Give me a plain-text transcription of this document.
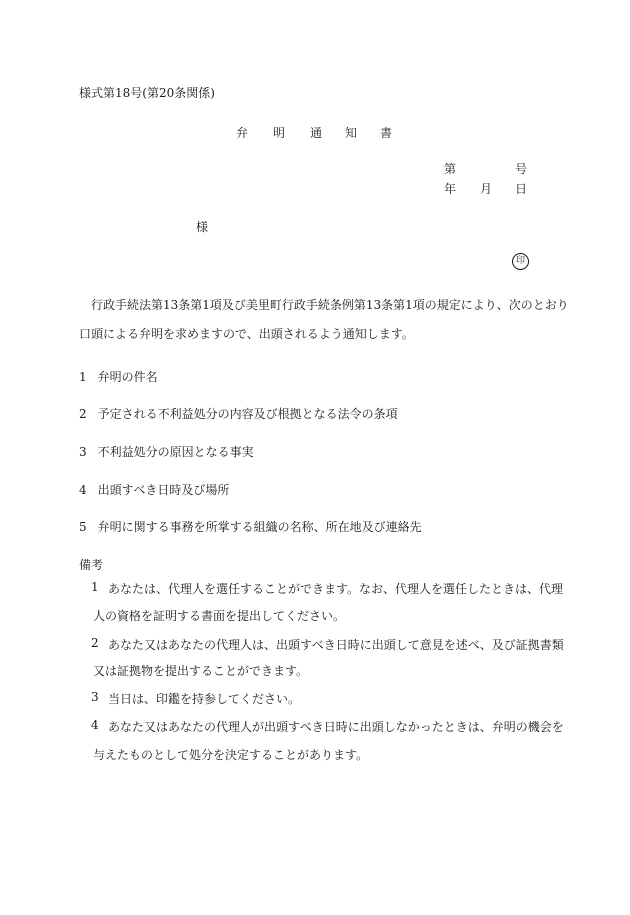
様式第18号(第20条関係)
弁 明 通 知 書
第	号
年 月 日
様
印
行政手続法第13条第1項及び美里町行政手続条例第13条第1項の規定により、次のとおり
口頭による弁明を求めますので、出頭されるよう通知します。
1 弁明の件名
2 予定される不利益処分の内容及び根拠となる法令の条項
3 不利益処分の原因となる事実
4 出頭すべき日時及び場所
5 弁明に関する事務を所掌する組織の名称、所在地及び連絡先
備考
1 あなたは、代理人を選任することができます。なお、代理人を選任したときは、代理
人の資格を証明する書面を提出してください。
2 あなた又はあなたの代理人は、出頭すべき日時に出頭して意見を述べ、及び証拠書類
又は証拠物を提出することができます。
3 当日は、印鑑を持参してください。
4 あなた又はあなたの代理人が出頭すべき日時に出頭しなかったときは、弁明の機会を
与えたものとして処分を決定することがあります。
